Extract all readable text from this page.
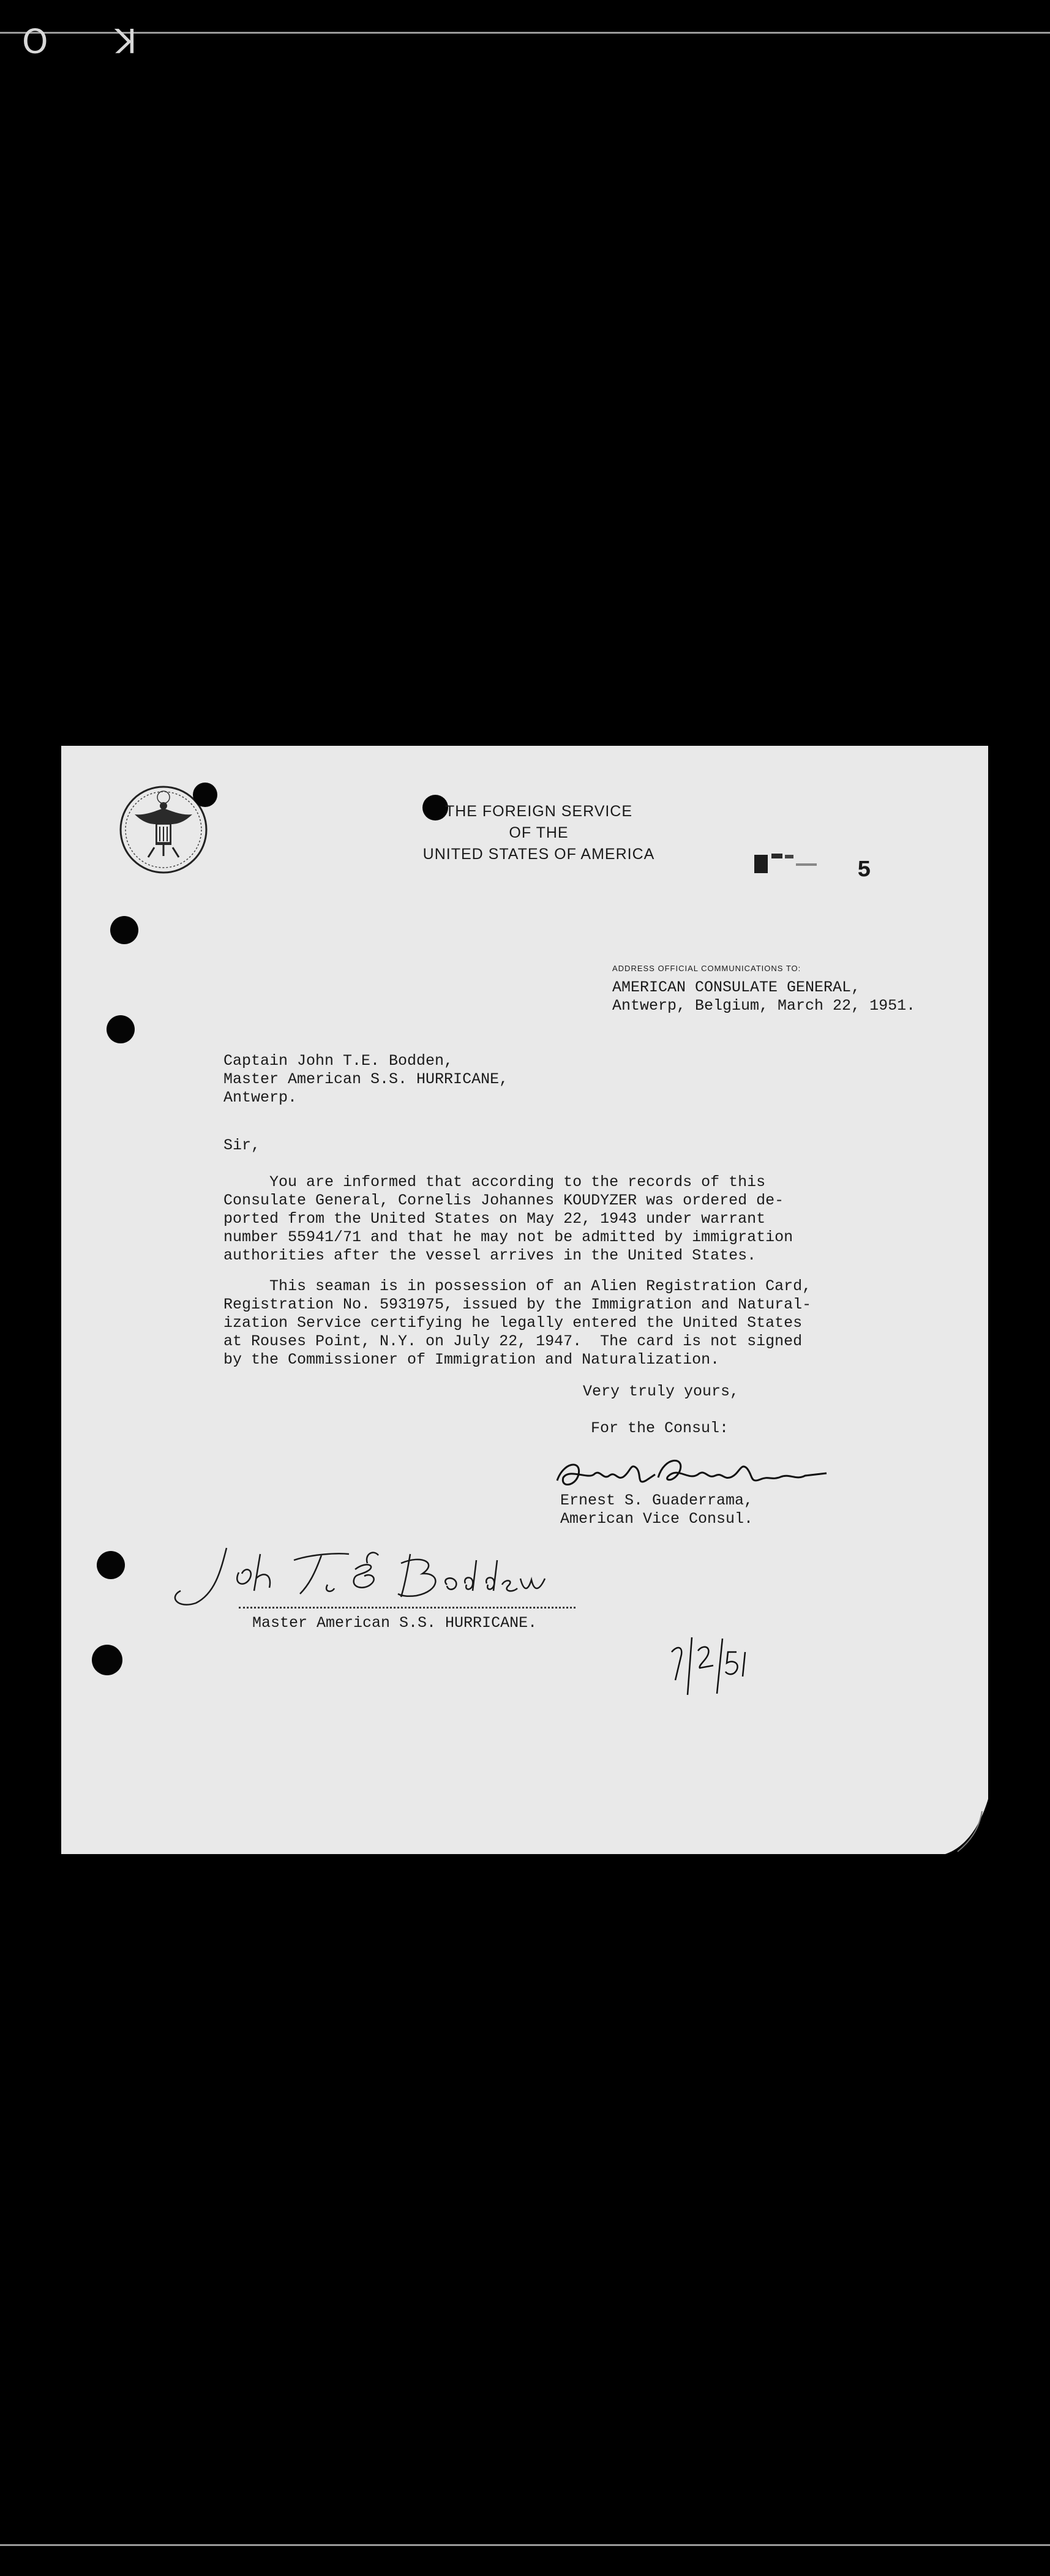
O K
THE FOREIGN SERVICE
OF THE
UNITED STATES OF AMERICA
5
ADDRESS OFFICIAL COMMUNICATIONS TO:
AMERICAN CONSULATE GENERAL,
Antwerp, Belgium, March 22, 1951.
Captain John T.E. Bodden,
Master American S.S. HURRICANE,
Antwerp.
Sir,
You are informed that according to the records of this
Consulate General, Cornelis Johannes KOUDYZER was ordered de-
ported from the United States on May 22, 1943 under warrant
number 55941/71 and that he may not be admitted by immigration
authorities after the vessel arrives in the United States.
This seaman is in possession of an Alien Registration Card,
Registration No. 5931975, issued by the Immigration and Natural-
ization Service certifying he legally entered the United States
at Rouses Point, N.Y. on July 22, 1947.  The card is not signed
by the Commissioner of Immigration and Naturalization.
Very truly yours,
For the Consul:
Ernest S. Guaderrama,
American Vice Consul.
Master American S.S. HURRICANE.
